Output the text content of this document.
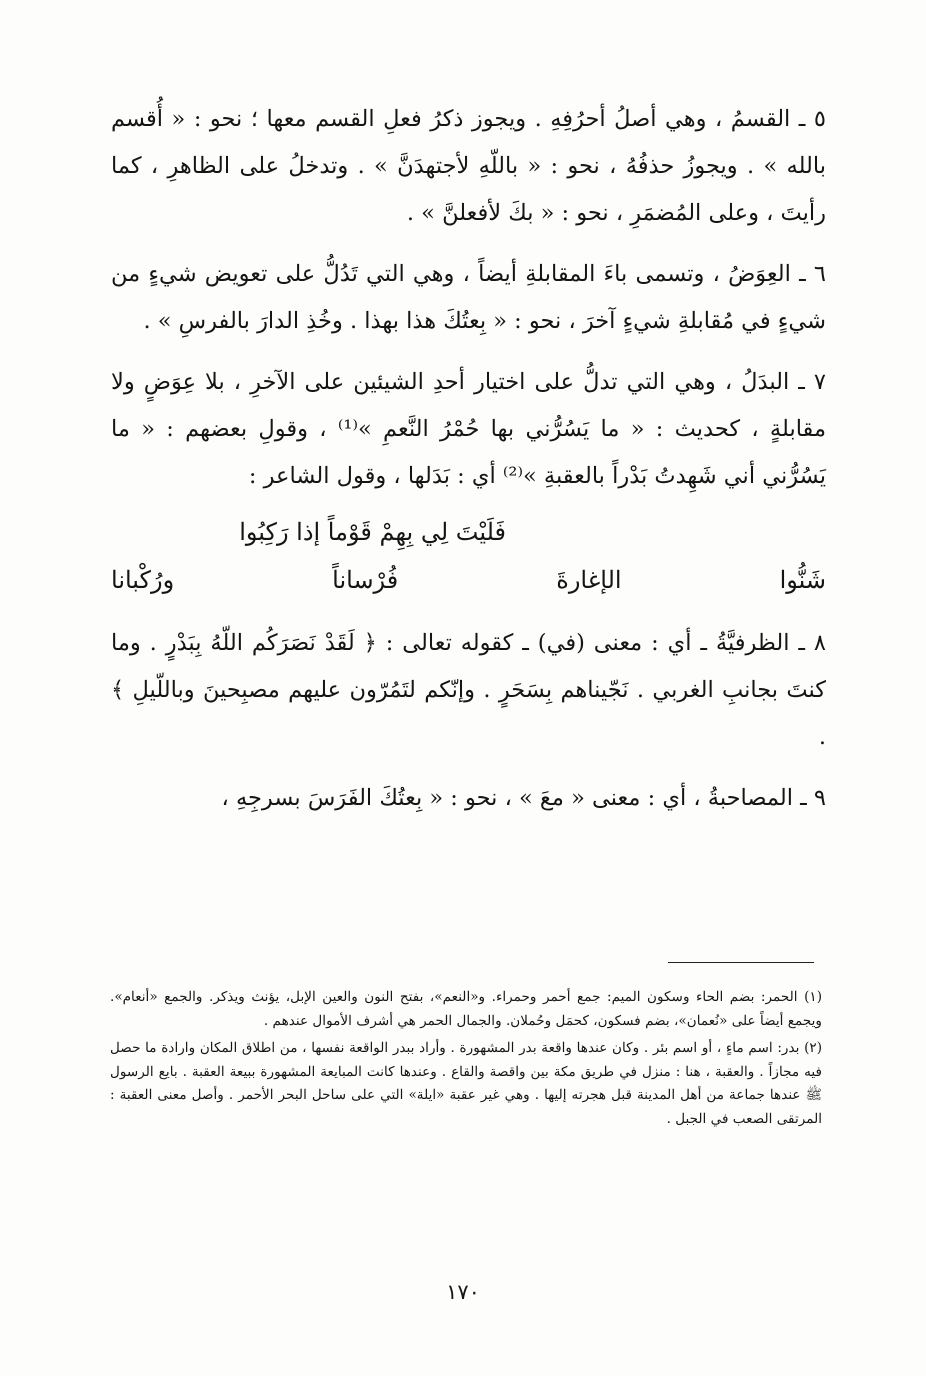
٥ ـ القسمُ ، وهي أصلُ أحرُفِهِ . ويجوز ذكرُ فعلِ القسم معها ؛ نحو : « أُقسم بالله » . ويجوزُ حذفُهُ ، نحو : « باللّهِ لأجتهدَنَّ » . وتدخلُ على الظاهرِ ، كما رأيتَ ، وعلى المُضمَرِ ، نحو : « بكَ لأفعلنَّ » .

٦ ـ العِوَضُ ، وتسمى باءَ المقابلةِ أيضاً ، وهي التي تَدُلُّ على تعويض شيءٍ من شيءٍ في مُقابلةِ شيءٍ آخرَ ، نحو : « بِعتُكَ هذا بهذا . وخُذِ الدارَ بالفرسِ » .

٧ ـ البدَلُ ، وهي التي تدلُّ على اختيار أحدِ الشيئين على الآخرِ ، بلا عِوَضٍ ولا مقابلةٍ ، كحديث : « ما يَسُرُّني بها حُمْرُ النَّعمِ »⁽¹⁾ ، وقولِ بعضهم : « ما يَسُرُّني أني شَهِدتُ بَدْراً بالعقبةِ »⁽²⁾ أي : بَدَلها ، وقول الشاعر :

فَلَيْتَ لِي بِهِمْ قَوْماً إذا رَكِبُوا
شَنُّوا الإغارةَ فُرْساناً ورُكْبانا

٨ ـ الظرفيَّةُ ـ أي : معنى (في) ـ كقوله تعالى : ﴿ لَقَدْ نَصَرَكُم اللّهُ بِبَدْرٍ . وما كنتَ بجانبِ الغربي . نَجّيناهم بِسَحَرٍ . وإنّكم لتَمُرّون عليهم مصبِحينَ وباللّيلِ ﴾ .

٩ ـ المصاحبةُ ، أي : معنى « معَ » ، نحو : « بِعتُكَ الفَرَسَ بسرجِهِ ،

(١) الحمر: بضم الحاء وسكون الميم: جمع أحمر وحمراء. و«النعم»، بفتح النون والعين الإبل، يؤنث ويذكر. والجمع «أنعام». ويجمع أيضاً على «نُعمان»، بضم فسكون، كحمَل وحُملان. والجمال الحمر هي أشرف الأموال عندهم .

(٢) بدر: اسم ماءٍ ، أو اسم بئر . وكان عندها واقعة بدر المشهورة . وأراد ببدر الواقعة نفسها ، من اطلاق المكان وارادة ما حصل فيه مجازاً . والعقبة ، هنا : منزل في طريق مكة بين واقصة والقاع . وعندها كانت المبايعة المشهورة ببيعة العقبة . بايع الرسول ﷺ عندها جماعة من أهل المدينة قبل هجرته إليها . وهي غير عقبة «ايلة» التي على ساحل البحر الأحمر . وأصل معنى العقبة : المرتقى الصعب في الجبل .

١٧٠
